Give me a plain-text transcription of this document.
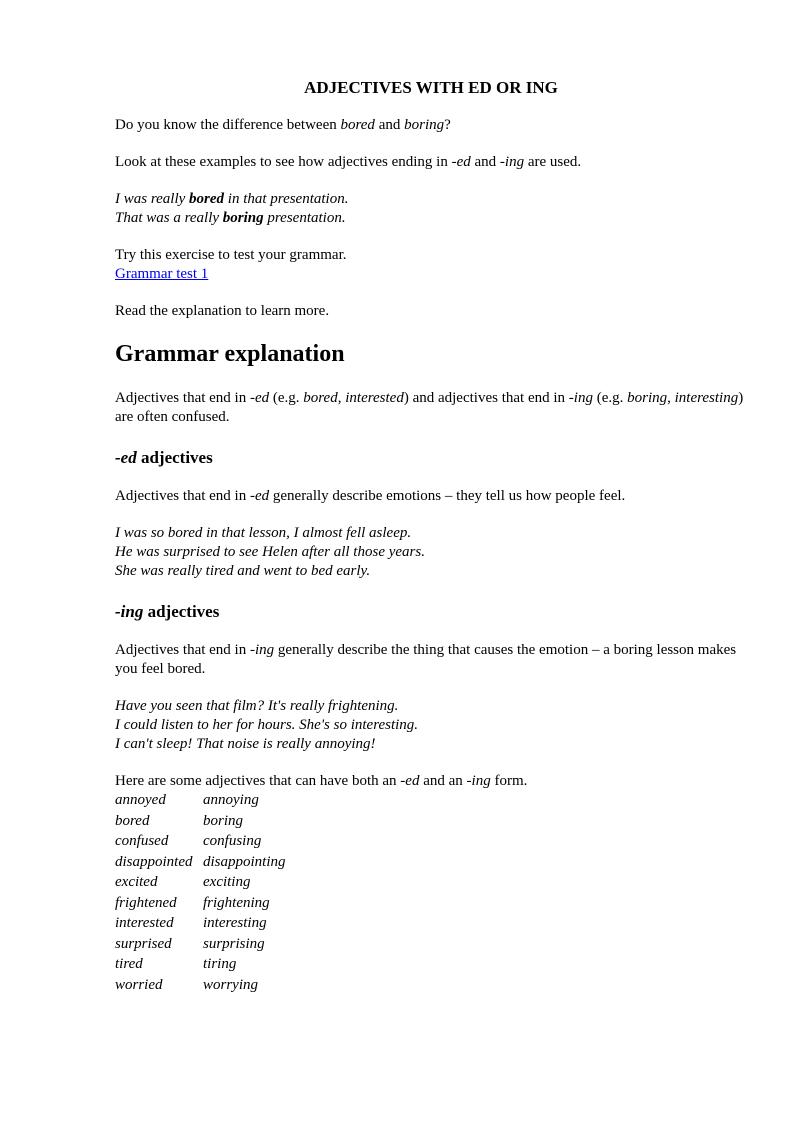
ADJECTIVES WITH ED OR ING

Do you know the difference between bored and boring?

Look at these examples to see how adjectives ending in -ed and -ing are used.

I was really bored in that presentation.
That was a really boring presentation.

Try this exercise to test your grammar.

Grammar test 1

Read the explanation to learn more.

Grammar explanation

Adjectives that end in -ed (e.g. bored, interested) and adjectives that end in -ing (e.g. boring, interesting) are often confused.

-ed adjectives

Adjectives that end in -ed generally describe emotions – they tell us how people feel.

I was so bored in that lesson, I almost fell asleep.
He was surprised to see Helen after all those years.
She was really tired and went to bed early.
-ing adjectives

Adjectives that end in -ing generally describe the thing that causes the emotion – a boring lesson makes you feel bored.

Have you seen that film? It's really frightening.
I could listen to her for hours. She's so interesting.
I can't sleep! That noise is really annoying!

Here are some adjectives that can have both an -ed and an -ing form.

annoyed	annoying
bored	boring
confused	confusing
disappointed	disappointing
excited	exciting
frightened	frightening
interested	interesting
surprised	surprising
tired	tiring
worried	worrying
